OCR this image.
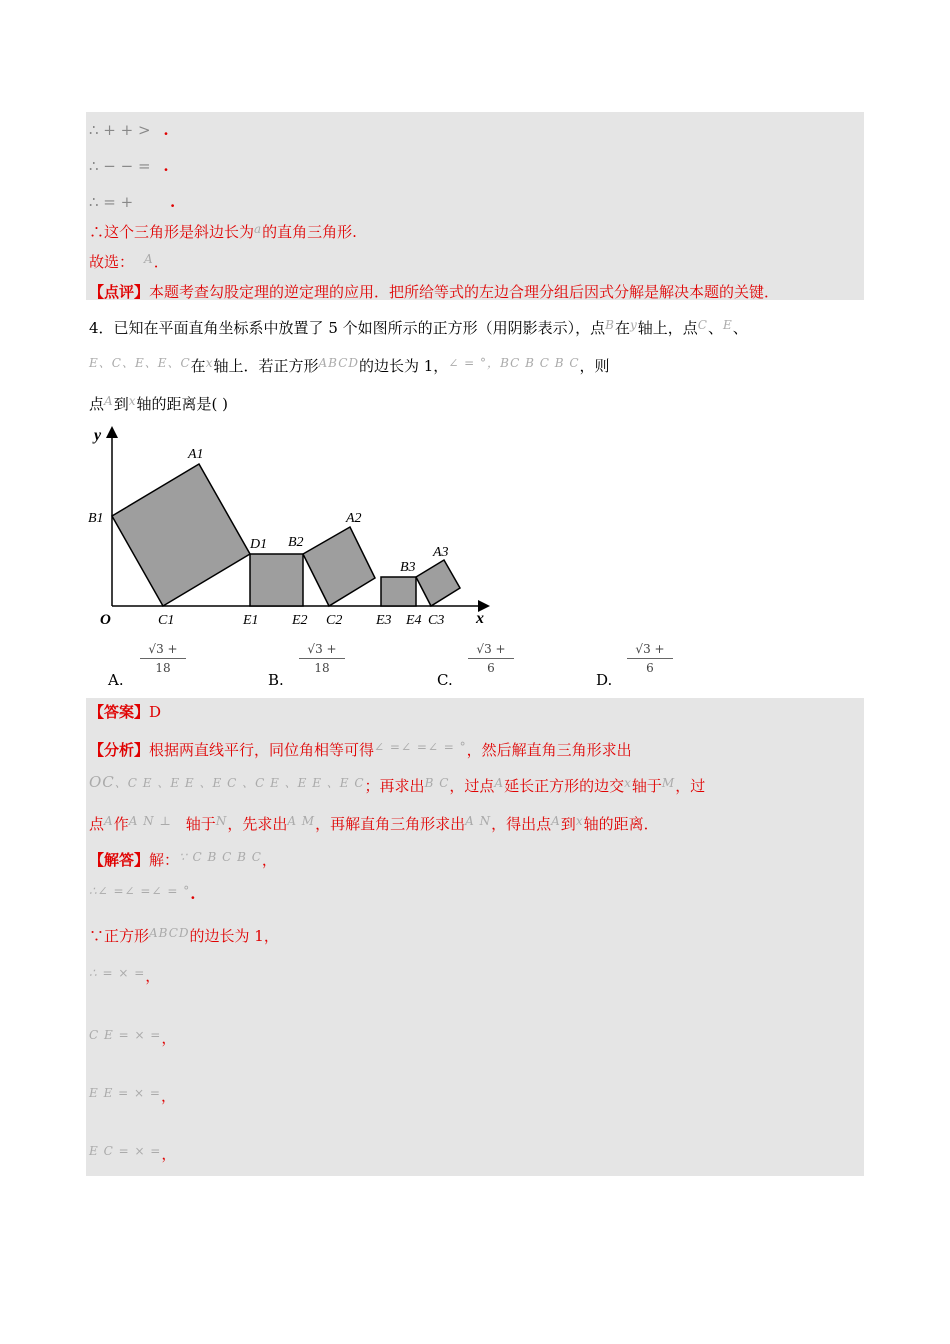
∴ + + > .
∴ − − = .
∴ = + .
∴这个三角形是斜边长为$^a$的直角三角形.
故选： $^A$．
【点评】本题考查勾股定理的逆定理的应用．把所给等式的左边合理分组后因式分解是解决本题的关键．
4．已知在平面直角坐标系中放置了 5 个如图所示的正方形（用阴影表示），点$^B$在$^y$轴上，点$^C$、$^E$、
$^{E、C、E、E、C}$在$^x$轴上．若正方形$^{ABCD}$的边长为 1，$^{\angle = ^\circ,BC B C B C}$，则
点$^A$到$^x$轴的距离是( )
y
x
O
A1
B1
C1
D1
E1
B2
A2
E2 C2
B3
A3
E3 E4 C3
A.
$\frac{√3 +}{18}$
B.
$\frac{√3 +}{18}$
C.
$\frac{√3 +}{6}$
D.
$\frac{√3 +}{6}$
【答案】D
【分析】根据两直线平行，同位角相等可得∠ =∠ =∠ = °，然后解直角三角形求出
$OC^{、C E 、E E 、E C 、C E 、E E 、E C}$；再求出$^{B C}$，过点$^A$延长正方形的边交$^x$轴于$^M$，过
点$^A$作$^{A N \perp}$ 轴于$^N$，先求出$^{A M}$，再解直角三角形求出$^{A N}$，得出点$^A$到$^x$轴的距离．
【解答】解：$^{\because C B C B C}$，
∴∠ =∠ =∠ = °.
∵正方形$^{ABCD}$的边长为 1，
∴ = × =，
$^{C E = \times =}$，
$^{E E = \times =}$，
$^{E C = \times =}$，
